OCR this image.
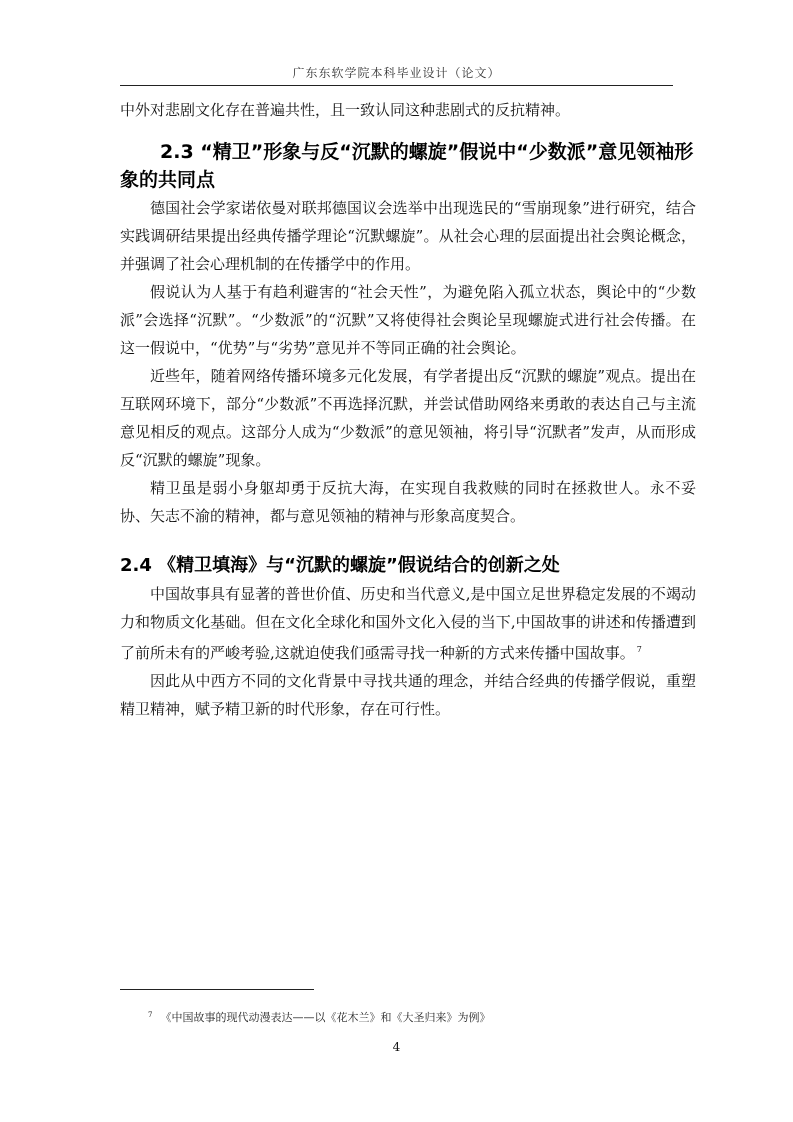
广东东软学院本科毕业设计（论文）

中外对悲剧文化存在普遍共性，且一致认同这种悲剧式的反抗精神。

2.3 “精卫”形象与反“沉默的螺旋”假说中“少数派”意见领袖形象的共同点

德国社会学家诺依曼对联邦德国议会选举中出现选民的“雪崩现象”进行研究，结合实践调研结果提出经典传播学理论“沉默螺旋”。从社会心理的层面提出社会舆论概念，并强调了社会心理机制的在传播学中的作用。

假说认为人基于有趋利避害的“社会天性”，为避免陷入孤立状态，舆论中的“少数派”会选择“沉默”。“少数派”的“沉默”又将使得社会舆论呈现螺旋式进行社会传播。在这一假说中，“优势”与“劣势”意见并不等同正确的社会舆论。

近些年，随着网络传播环境多元化发展，有学者提出反“沉默的螺旋”观点。提出在互联网环境下，部分“少数派”不再选择沉默，并尝试借助网络来勇敢的表达自己与主流意见相反的观点。这部分人成为“少数派”的意见领袖，将引导“沉默者”发声，从而形成反“沉默的螺旋”现象。

精卫虽是弱小身躯却勇于反抗大海，在实现自我救赎的同时在拯救世人。永不妥协、矢志不渝的精神，都与意见领袖的精神与形象高度契合。

2.4 《精卫填海》与“沉默的螺旋”假说结合的创新之处

中国故事具有显著的普世价值、历史和当代意义,是中国立足世界稳定发展的不竭动力和物质文化基础。但在文化全球化和国外文化入侵的当下,中国故事的讲述和传播遭到了前所未有的严峻考验,这就迫使我们亟需寻找一种新的方式来传播中国故事。 $^7$

因此从中西方不同的文化背景中寻找共通的理念，并结合经典的传播学假说，重塑精卫精神，赋予精卫新的时代形象，存在可行性。

$^7$ 《中国故事的现代动漫表达——以《花木兰》和《大圣归来》为例》
4
